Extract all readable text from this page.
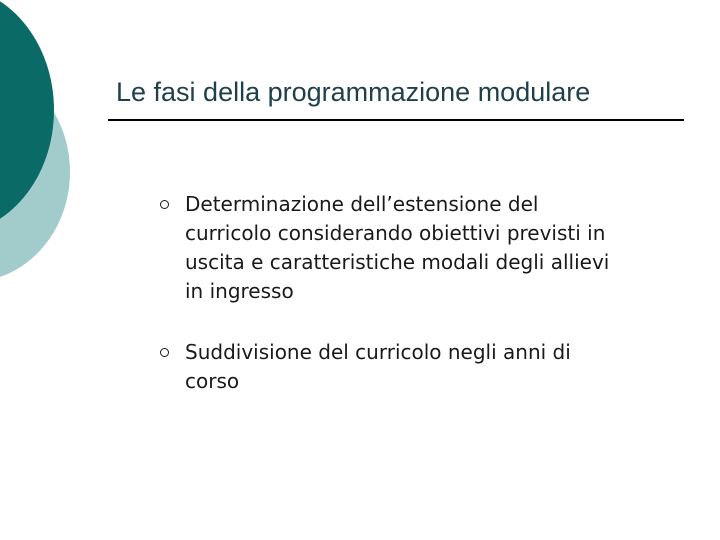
Le fasi della programmazione modulare
Determinazione dell’estensione del curricolo considerando obiettivi previsti in uscita e caratteristiche modali degli allievi in ingresso
Suddivisione del curricolo negli anni di corso
